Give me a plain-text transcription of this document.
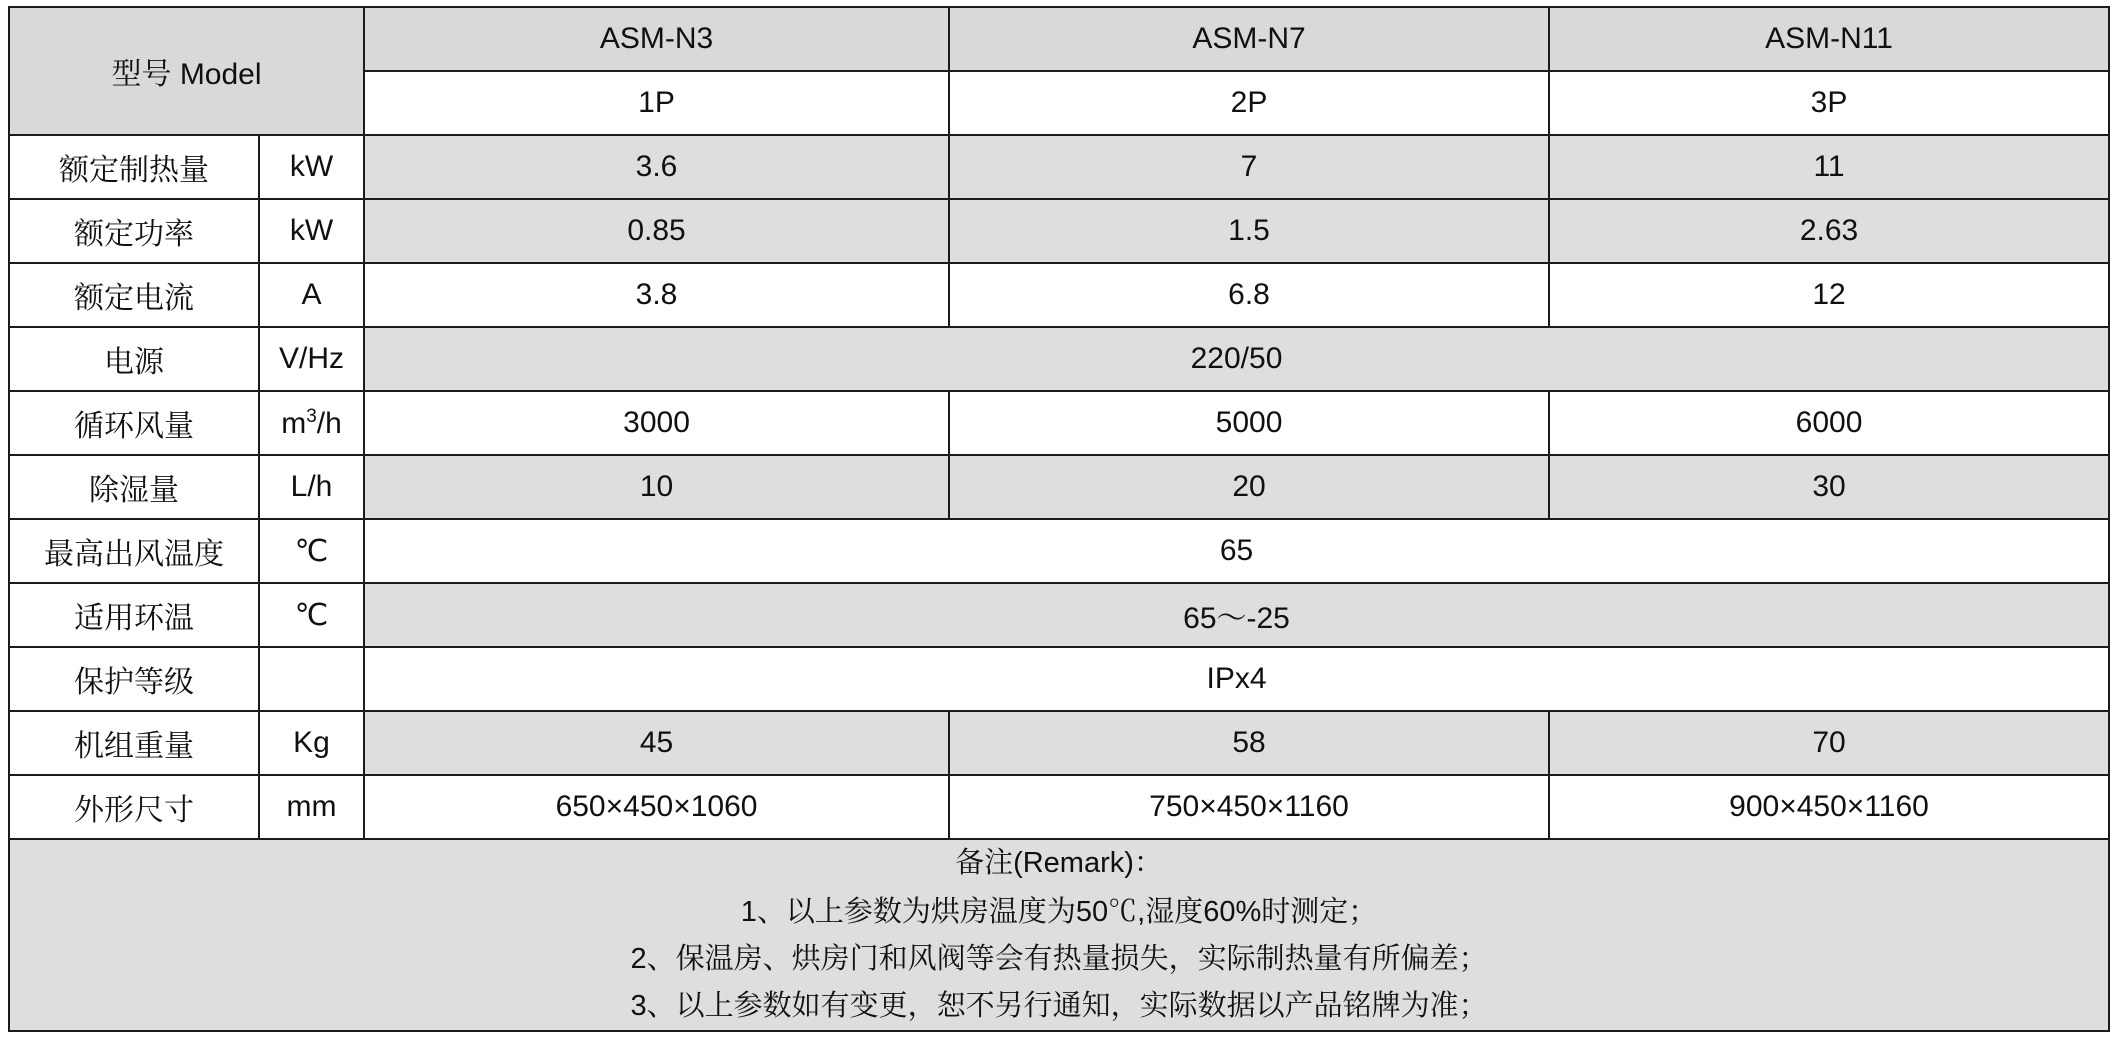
型号 Model		ASM-N3	ASM-N7	ASM-N11
		1P	2P	3P
额定制热量	kW	3.6	7	11
额定功率	kW	0.85	1.5	2.63
额定电流	A	3.8	6.8	12
电源	V/Hz	220/50		
循环风量	$m^3/h$	3000	5000	6000
除湿量	L/h	10	20	30
最高出风温度	℃	65		
适用环温	℃	65～-25		
保护等级		IPx4		
机组重量	Kg	45	58	70
外形尺寸	mm	650×450×1060	750×450×1160	900×450×1160

备注(Remark)：
1、以上参数为烘房温度为50℃,湿度60%时测定；
2、保温房、烘房门和风阀等会有热量损失，实际制热量有所偏差；
3、以上参数如有变更，恕不另行通知，实际数据以产品铭牌为准；				
